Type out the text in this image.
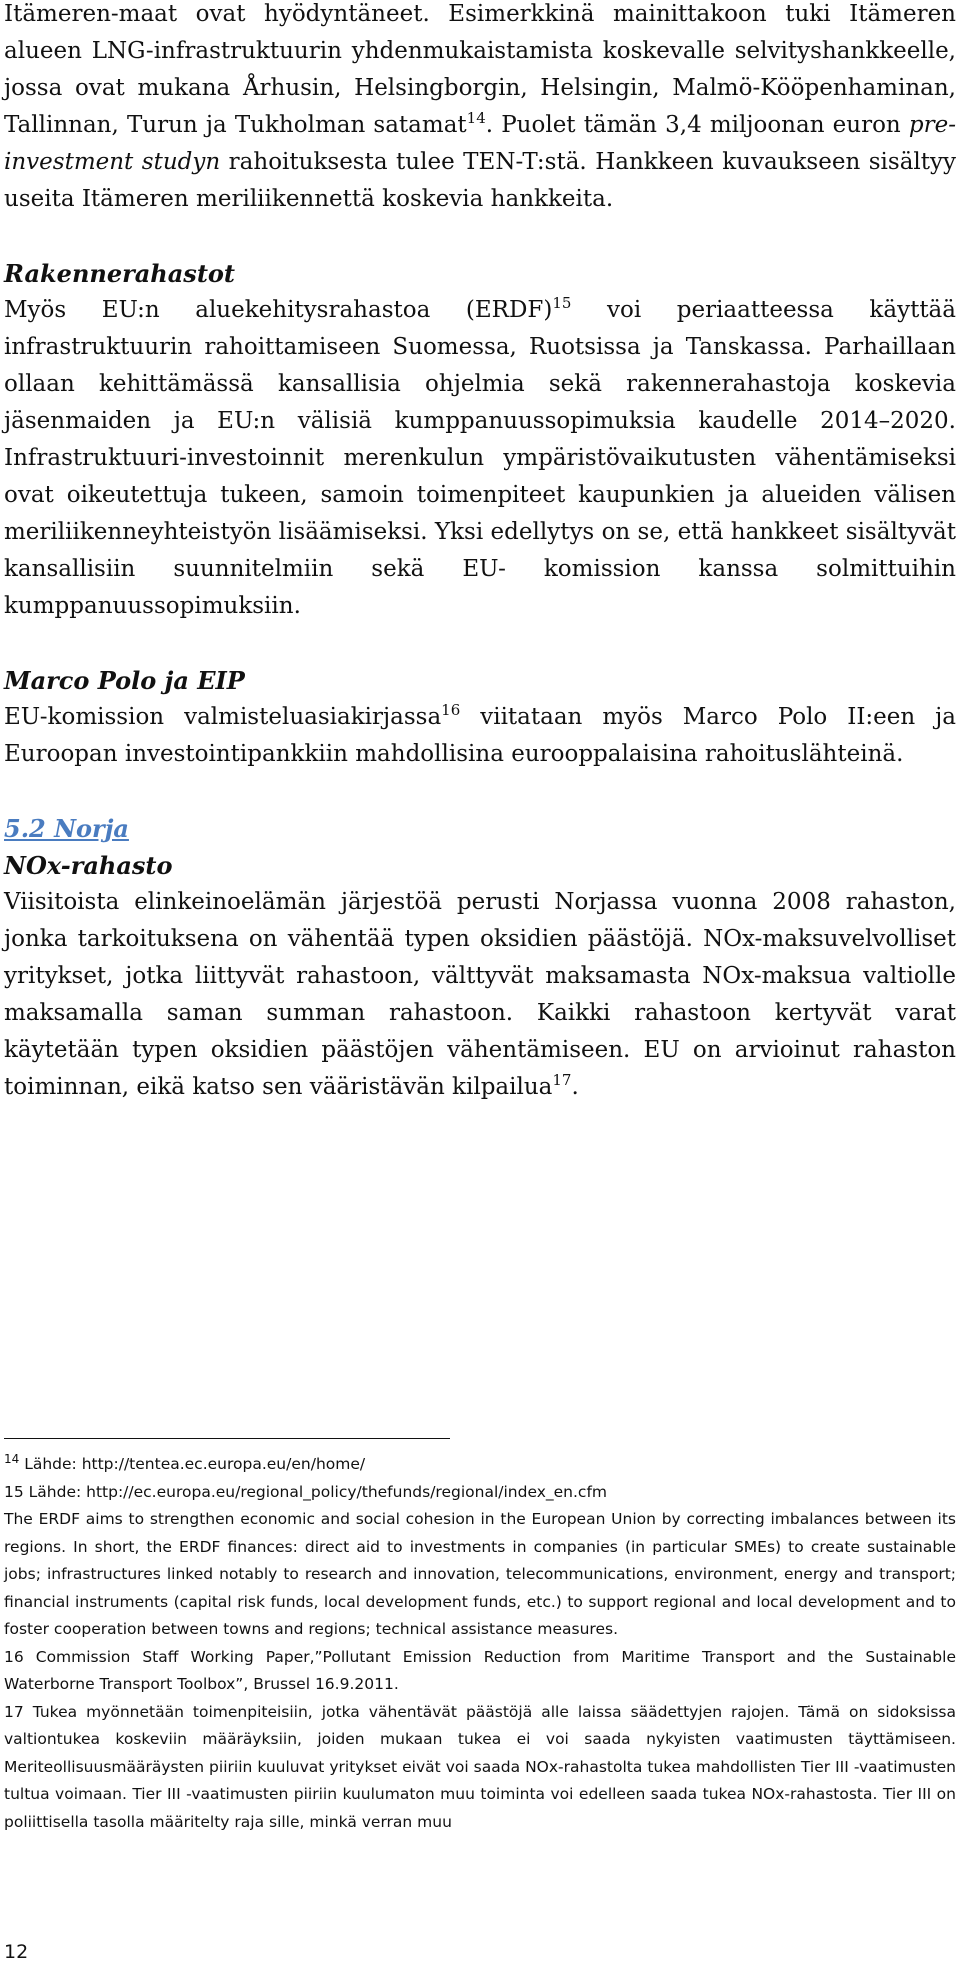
Itämeren-maat ovat hyödyntäneet. Esimerkkinä mainittakoon tuki Itämeren alueen LNG-infrastruktuurin yhdenmukaistamista koskevalle selvityshankkeelle, jossa ovat mukana Århusin, Helsingborgin, Helsingin, Malmö-Kööpenhaminan, Tallinnan, Turun ja Tukholman satamat$^{14}$. Puolet tämän 3,4 miljoonan euron pre-investment studyn rahoituksesta tulee TEN-T:stä. Hankkeen kuvaukseen sisältyy useita Itämeren meriliikennettä koskevia hankkeita.

Rakennerahastot

Myös EU:n aluekehitysrahastoa (ERDF)$^{15}$ voi periaatteessa käyttää infrastruktuurin rahoittamiseen Suomessa, Ruotsissa ja Tanskassa. Parhaillaan ollaan kehittämässä kansallisia ohjelmia sekä rakennerahastoja koskevia jäsenmaiden ja EU:n välisiä kumppanuussopimuksia kaudelle 2014–2020. Infrastruktuuri-investoinnit merenkulun ympäristövaikutusten vähentämiseksi ovat oikeutettuja tukeen, samoin toimenpiteet kaupunkien ja alueiden välisen meriliikenneyhteistyön lisäämiseksi. Yksi edellytys on se, että hankkeet sisältyvät kansallisiin suunnitelmiin sekä EU- komission kanssa solmittuihin kumppanuussopimuksiin.

Marco Polo ja EIP

EU-komission valmisteluasiakirjassa$^{16}$ viitataan myös Marco Polo II:een ja Euroopan investointipankkiin mahdollisina eurooppalaisina rahoituslähteinä.

5.2 Norja
NOx-rahasto

Viisitoista elinkeinoelämän järjestöä perusti Norjassa vuonna 2008 rahaston, jonka tarkoituksena on vähentää typen oksidien päästöjä. NOx-maksuvelvolliset yritykset, jotka liittyvät rahastoon, välttyvät maksamasta NOx-maksua valtiolle maksamalla saman summan rahastoon. Kaikki rahastoon kertyvät varat käytetään typen oksidien päästöjen vähentämiseen. EU on arvioinut rahaston toiminnan, eikä katso sen vääristävän kilpailua$^{17}$.

$^{14}$ Lähde: http://tentea.ec.europa.eu/en/home/

15 Lähde: http://ec.europa.eu/regional_policy/thefunds/regional/index_en.cfm

The ERDF aims to strengthen economic and social cohesion in the European Union by correcting imbalances between its regions. In short, the ERDF finances: direct aid to investments in companies (in particular SMEs) to create sustainable jobs; infrastructures linked notably to research and innovation, telecommunications, environment, energy and transport; financial instruments (capital risk funds, local development funds, etc.) to support regional and local development and to foster cooperation between towns and regions; technical assistance measures.

16 Commission Staff Working Paper,”Pollutant Emission Reduction from Maritime Transport and the Sustainable Waterborne Transport Toolbox”, Brussel 16.9.2011.

17 Tukea myönnetään toimenpiteisiin, jotka vähentävät päästöjä alle laissa säädettyjen rajojen. Tämä on sidoksissa valtiontukea koskeviin määräyksiin, joiden mukaan tukea ei voi saada nykyisten vaatimusten täyttämiseen. Meriteollisuusmääräysten piiriin kuuluvat yritykset eivät voi saada NOx-rahastolta tukea mahdollisten Tier III -vaatimusten tultua voimaan. Tier III -vaatimusten piiriin kuulumaton muu toiminta voi edelleen saada tukea NOx-rahastosta. Tier III on poliittisella tasolla määritelty raja sille, minkä verran muu

12
